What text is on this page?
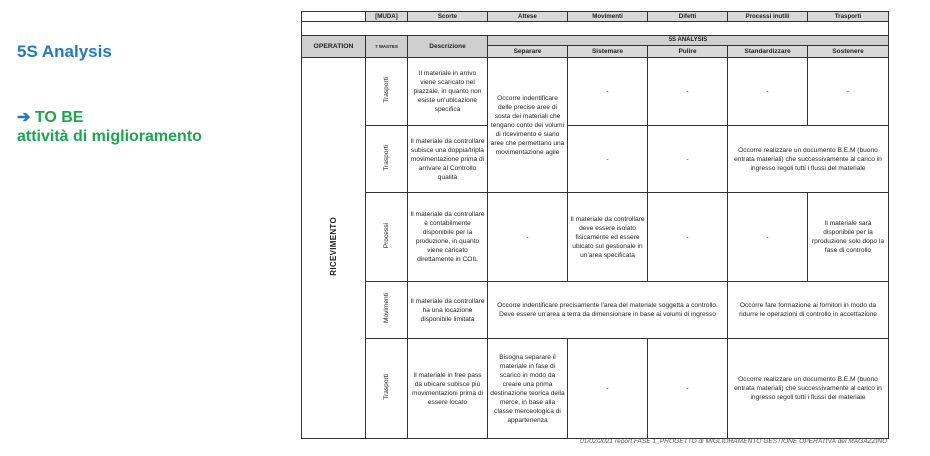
5S Analysis
➔ TO BE
attività di miglioramento
	[MUDA]	Scorte	Attese	Movimenti	Difetti	Processi inutili	Trasporti

OPERATION	7 WASTES	Descrizione	5S ANALYSIS				
			Separare	Sistemare	Pulire	Standardizzare	Sostenere
RICEVIMENTO	Trasporti	Il materiale in arrivo viene scaricato nel piazzale, in quanto non esiste un'ubicazione specifica	Occorre indentificare delle precise aree di sosta dei materiali che tengano conto dei volumi di ricevimento e siano aree che permettano una movimentazione agile	-	-	-	-
	Trasporti	Il materiale da controllare subisce una doppia/tripla movimentazione prima di arrivare al Controllo qualità		-	-	Occorre realizzare un documento B.E.M (buono entrata materiali) che successivamente al carico in ingresso regoli tutti i flussi del materiale	
	Processi	Il materiale da controllare è contabilmente disponibile per la produzione, in quanto viene caricato direttamente in COIL	-	Il materiale da controllare deve essere isolato fisicamente ed essere ubicato sul gestionale in un'area specificata	-	-	Il materiale sarà disponibile per la rproduzione solo dopo la fase di controllo
	Movimenti	Il materiale da controllare ha una locazione disponibile limitata	Occorre indentificare precisamente l'area del materiale soggetta a controllo. Deve essere un'area a terra da dimensionare in base ai volumi di ingresso			Occorre fare formazione ai fornitori in modo da ridurre le operazioni di controllo in accettazione	
	Trasporti	Il materiale in free pass da ubicare subisce più movimentazioni prima di essere locato	Bisogna separare il materiale in fase di scarico in modo da creare una prima destinazione teorica della merce, in base alla classe merceologica di appartenenza	-	-	Occorre realizzare un documento B.E.M (buono entrata materiali) che successivamente al carico in ingresso regoli tutti i flussi del materiale	
01/02/2021 report FASE 1_PROGETTO di MIGLIORAMENTO GESTIONE OPERATIVA del MAGAZZINO
